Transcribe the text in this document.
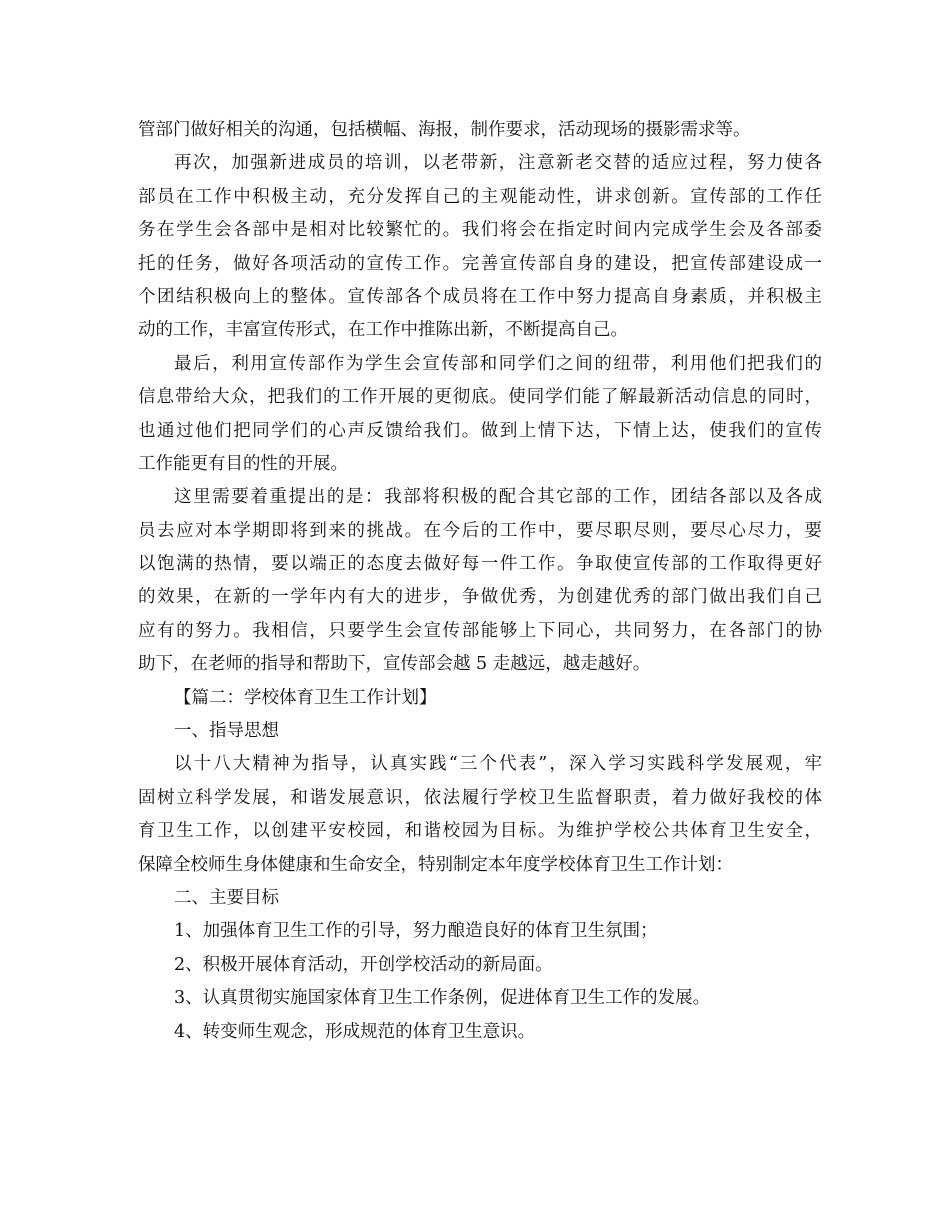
管部门做好相关的沟通，包括横幅、海报，制作要求，活动现场的摄影需求等。
再次，加强新进成员的培训，以老带新，注意新老交替的适应过程，努力使各
部员在工作中积极主动，充分发挥自己的主观能动性，讲求创新。宣传部的工作任
务在学生会各部中是相对比较繁忙的。我们将会在指定时间内完成学生会及各部委
托的任务，做好各项活动的宣传工作。完善宣传部自身的建设，把宣传部建设成一
个团结积极向上的整体。宣传部各个成员将在工作中努力提高自身素质，并积极主
动的工作，丰富宣传形式，在工作中推陈出新，不断提高自己。
最后，利用宣传部作为学生会宣传部和同学们之间的纽带，利用他们把我们的
信息带给大众，把我们的工作开展的更彻底。使同学们能了解最新活动信息的同时，
也通过他们把同学们的心声反馈给我们。做到上情下达，下情上达，使我们的宣传
工作能更有目的性的开展。
这里需要着重提出的是：我部将积极的配合其它部的工作，团结各部以及各成
员去应对本学期即将到来的挑战。在今后的工作中，要尽职尽则，要尽心尽力，要
以饱满的热情，要以端正的态度去做好每一件工作。争取使宣传部的工作取得更好
的效果，在新的一学年内有大的进步，争做优秀，为创建优秀的部门做出我们自己
应有的努力。我相信，只要学生会宣传部能够上下同心，共同努力，在各部门的协
助下，在老师的指导和帮助下，宣传部会越 5 走越远，越走越好。
【篇二：学校体育卫生工作计划】
一、指导思想
以十八大精神为指导，认真实践“三个代表”，深入学习实践科学发展观，牢
固树立科学发展，和谐发展意识，依法履行学校卫生监督职责，着力做好我校的体
育卫生工作，以创建平安校园，和谐校园为目标。为维护学校公共体育卫生安全，
保障全校师生身体健康和生命安全，特别制定本年度学校体育卫生工作计划：
二、主要目标
1、加强体育卫生工作的引导，努力酿造良好的体育卫生氛围；
2、积极开展体育活动，开创学校活动的新局面。
3、认真贯彻实施国家体育卫生工作条例，促进体育卫生工作的发展。
4、转变师生观念，形成规范的体育卫生意识。
